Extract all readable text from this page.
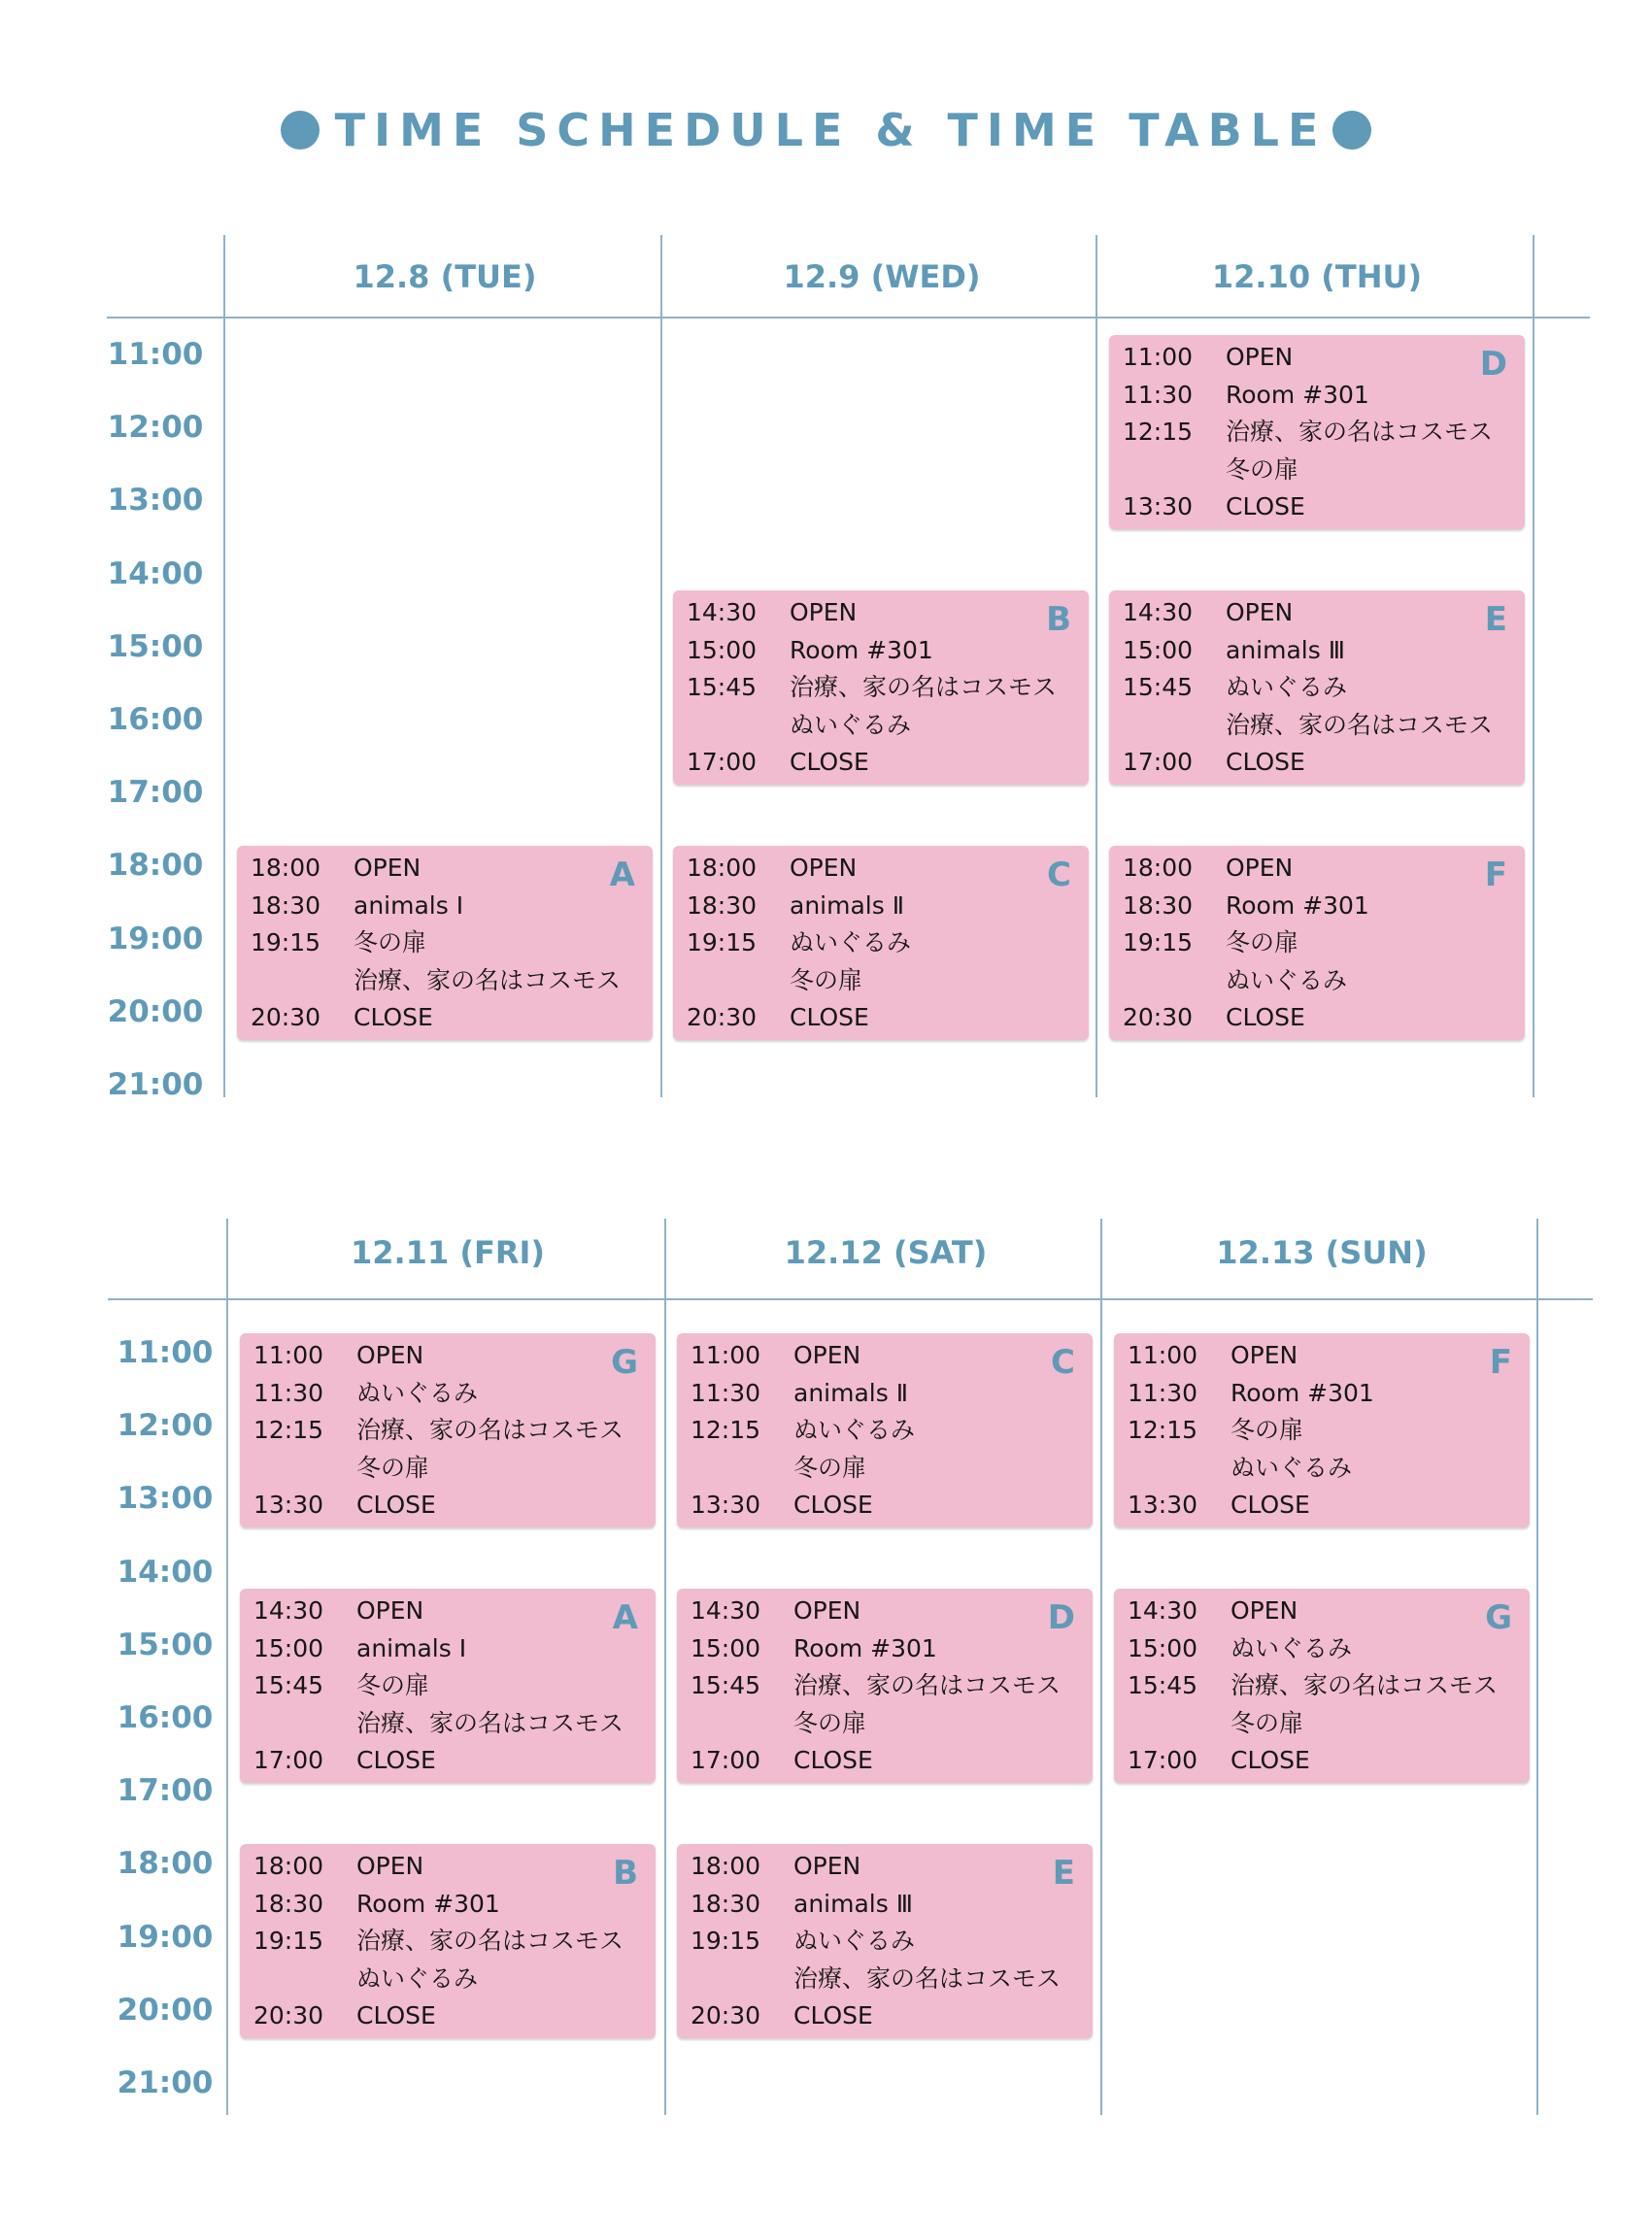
TIME SCHEDULE & TIME TABLE
11:00
12:00
13:00
14:00
15:00
16:00
17:00
18:00
19:00
20:00
21:00
12.8 (TUE)
A
18:00 OPEN
18:30 animals Ⅰ
19:15 冬の扉
治療、家の名はコスモス
20:30 CLOSE
12.9 (WED)
B
14:30 OPEN
15:00 Room #301
15:45 治療、家の名はコスモス
ぬいぐるみ
17:00 CLOSE
C
18:00 OPEN
18:30 animals Ⅱ
19:15 ぬいぐるみ
冬の扉
20:30 CLOSE
12.10 (THU)
D
11:00 OPEN
11:30 Room #301
12:15 治療、家の名はコスモス
冬の扉
13:30 CLOSE
E
14:30 OPEN
15:00 animals Ⅲ
15:45 ぬいぐるみ
治療、家の名はコスモス
17:00 CLOSE
F
18:00 OPEN
18:30 Room #301
19:15 冬の扉
ぬいぐるみ
20:30 CLOSE
11:00
12:00
13:00
14:00
15:00
16:00
17:00
18:00
19:00
20:00
21:00
12.11 (FRI)
G
11:00 OPEN
11:30 ぬいぐるみ
12:15 治療、家の名はコスモス
冬の扉
13:30 CLOSE
A
14:30 OPEN
15:00 animals Ⅰ
15:45 冬の扉
治療、家の名はコスモス
17:00 CLOSE
B
18:00 OPEN
18:30 Room #301
19:15 治療、家の名はコスモス
ぬいぐるみ
20:30 CLOSE
12.12 (SAT)
C
11:00 OPEN
11:30 animals Ⅱ
12:15 ぬいぐるみ
冬の扉
13:30 CLOSE
D
14:30 OPEN
15:00 Room #301
15:45 治療、家の名はコスモス
冬の扉
17:00 CLOSE
E
18:00 OPEN
18:30 animals Ⅲ
19:15 ぬいぐるみ
治療、家の名はコスモス
20:30 CLOSE
12.13 (SUN)
F
11:00 OPEN
11:30 Room #301
12:15 冬の扉
ぬいぐるみ
13:30 CLOSE
G
14:30 OPEN
15:00 ぬいぐるみ
15:45 治療、家の名はコスモス
冬の扉
17:00 CLOSE
